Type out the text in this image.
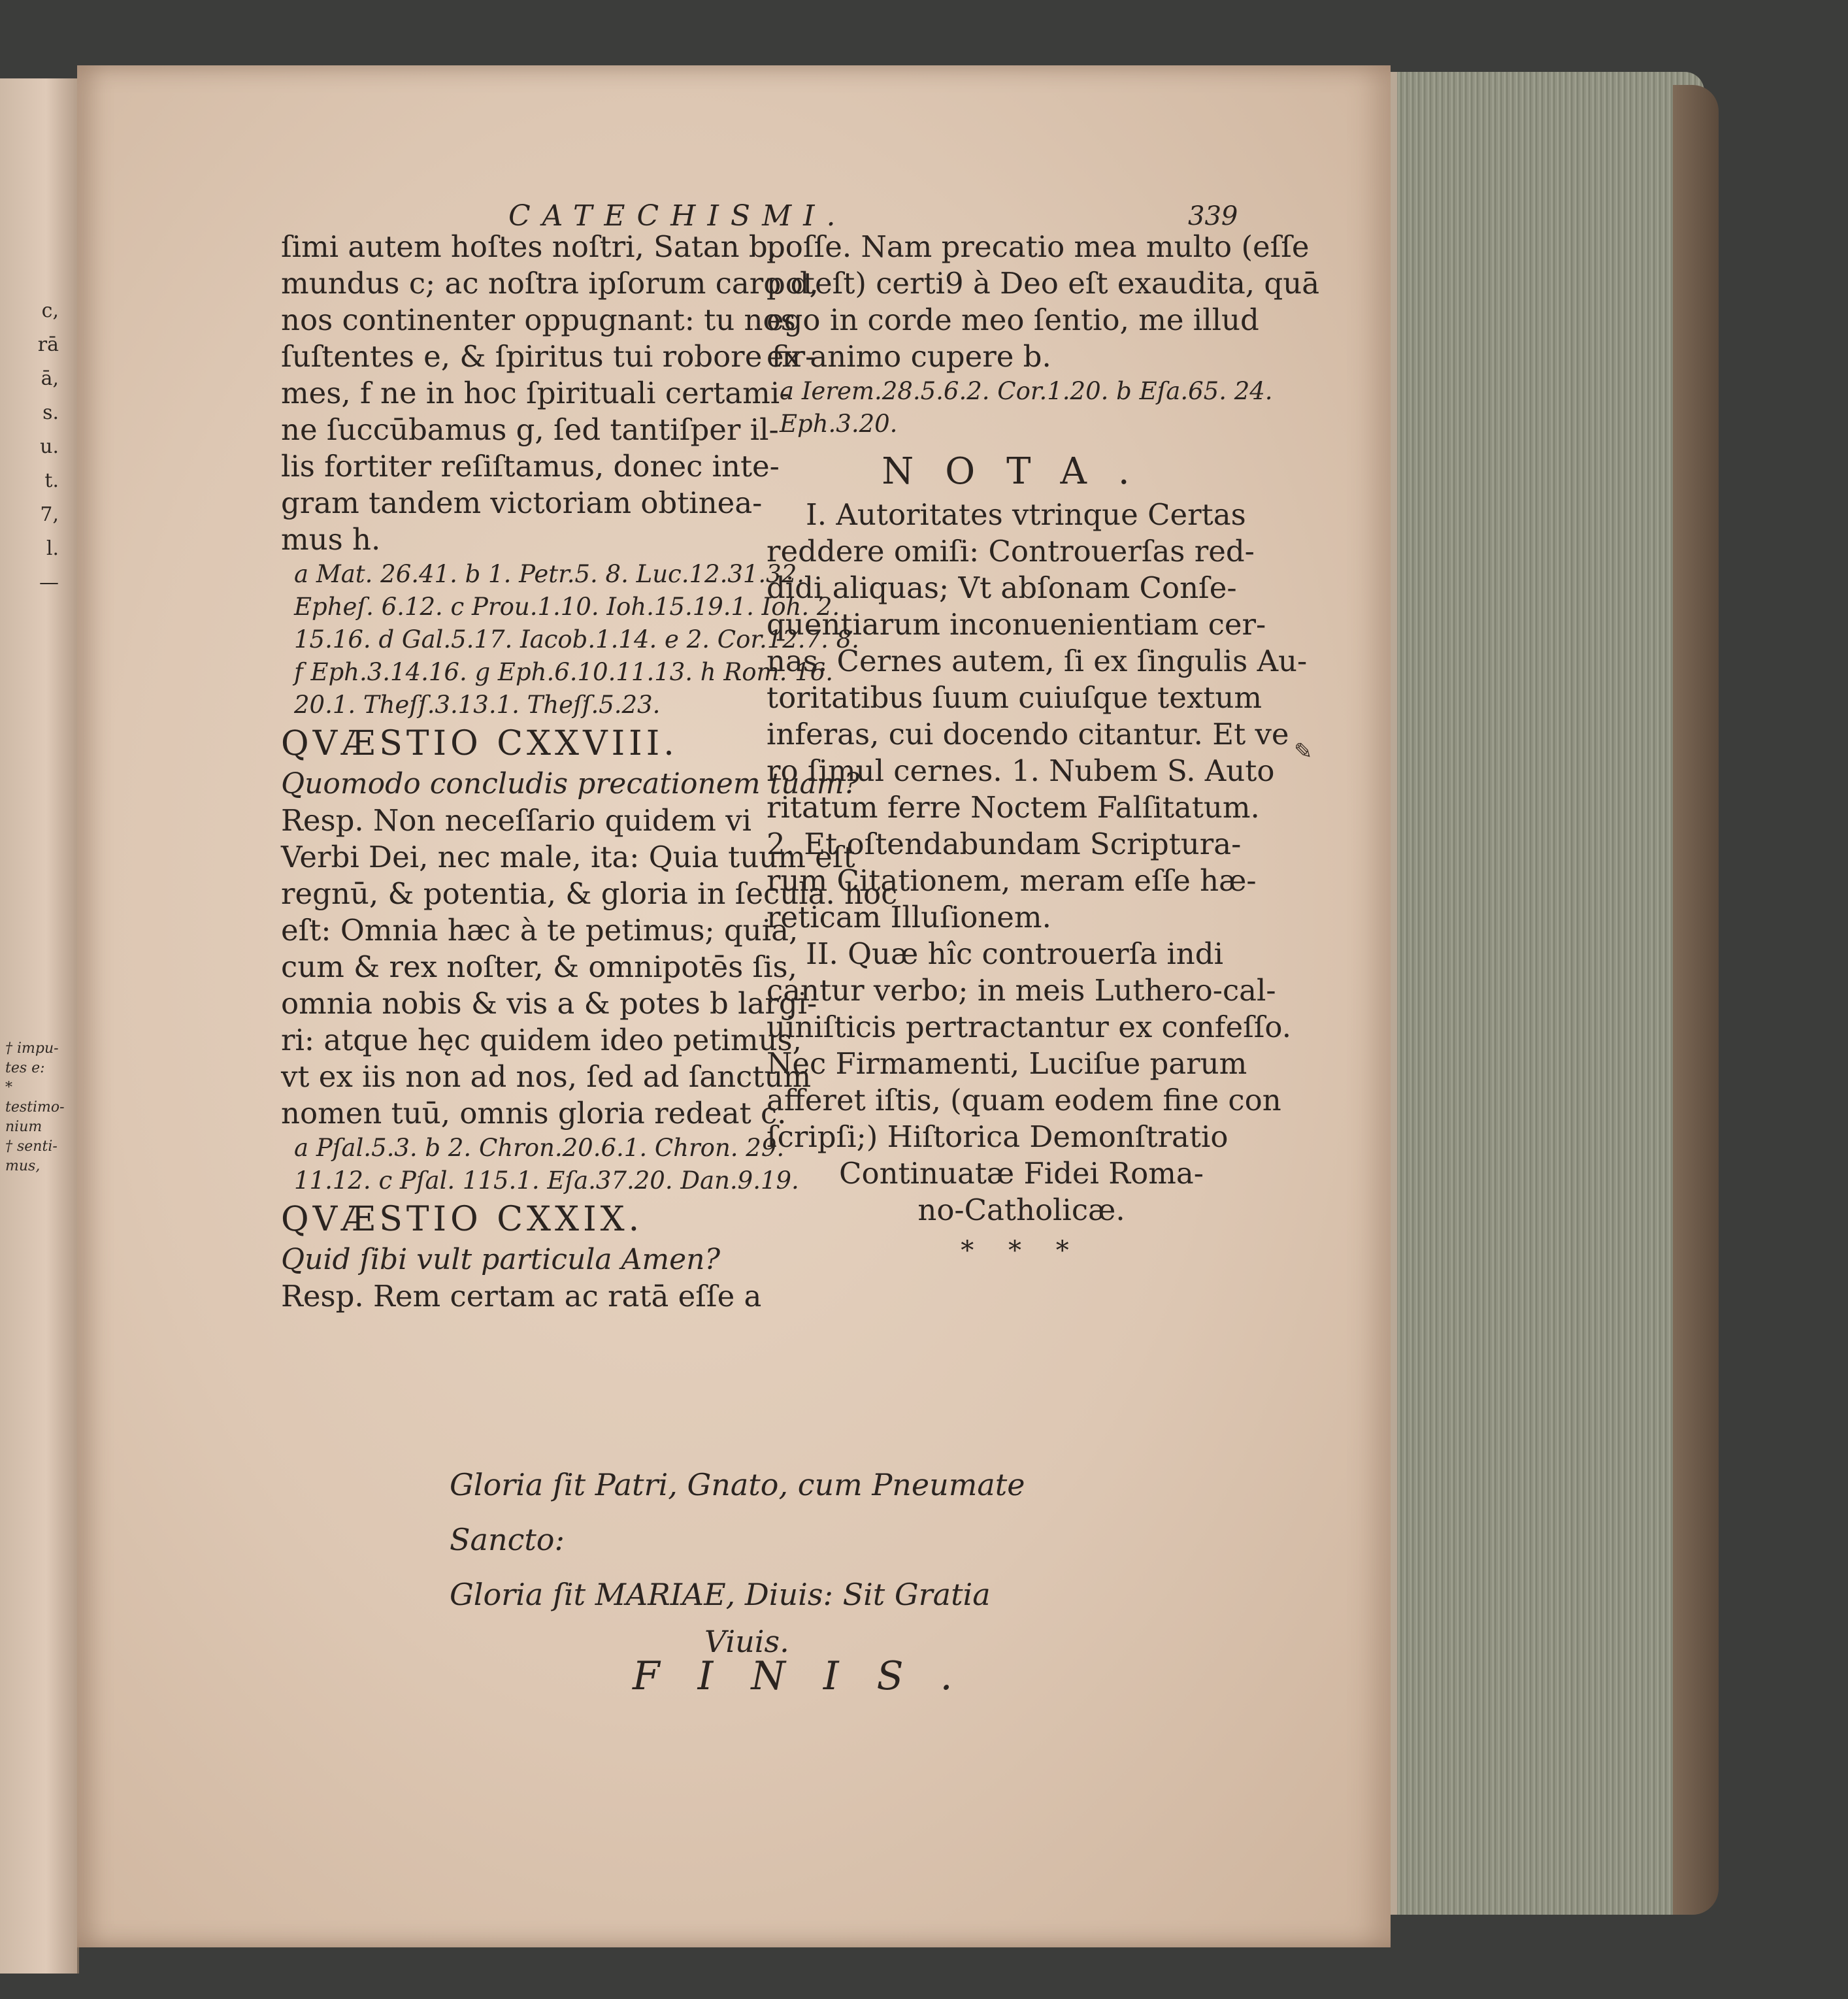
c,
rā
ā,
s.
u.
t.
7,
l.
—
† impu-
tes e:
* testimo-
nium
† senti-
mus,
CATECHISMI.	339
ſimi autem hoſtes noſtri, Satan b,
mundus c; ac noſtra ipſorum caro d,
nos continenter oppugnant: tu nos
ſuſtentes e, & ſpiritus tui robore fir-
mes, f ne in hoc ſpirituali certami-
ne ſuccūbamus g, ſed tantiſper il-
lis fortiter reſiſtamus, donec inte-
gram tandem victoriam obtinea-
mus h.
a Mat. 26.41. b 1. Petr.5. 8. Luc.12.31.32.
Epheſ. 6.12. c Prou.1.10. Ioh.15.19.1. Ioh. 2.
15.16. d Gal.5.17. Iacob.1.14. e 2. Cor.12.7. 8.
f Eph.3.14.16. g Eph.6.10.11.13. h Rom. 16.
20.1. Theſſ.3.13.1. Theſſ.5.23.
QVÆSTIO CXXVIII.
Quomodo concludis precationem tuam?
Resp. Non neceſſario quidem vi
Verbi Dei, nec male, ita: Quia tuum eſt
regnū, & potentia, & gloria in ſecula. hoc
eſt: Omnia hæc à te petimus; quia,
cum & rex noſter, & omnipotēs ſis,
omnia nobis & vis a & potes b largi-
ri: atque hęc quidem ideo petimus,
vt ex iis non ad nos, ſed ad ſanctum
nomen tuū, omnis gloria redeat c.
a Pſal.5.3. b 2. Chron.20.6.1. Chron. 29.
11.12. c Pſal. 115.1. Eſa.37.20. Dan.9.19.
QVÆSTIO CXXIX.
Quid ſibi vult particula Amen?
Resp. Rem certam ac ratā eſſe a
poſſe. Nam precatio mea multo (eſſe
poteſt) certi9 à Deo eſt exaudita, quā
ego in corde meo ſentio, me illud
ex animo cupere b.
a Ierem.28.5.6.2. Cor.1.20. b Eſa.65. 24.
Eph.3.20.
NOTA.
I. Autoritates vtrinque Certas
reddere omiſi: Controuerſas red-
didi aliquas; Vt abſonam Conſe-
quentiarum inconuenientiam cer-
nas. Cernes autem, ſi ex ſingulis Au-
toritatibus ſuum cuiuſque textum
inferas, cui docendo citantur. Et ve
ro ſimul cernes. 1. Nubem S. Auto
ritatum ferre Noctem Falſitatum.
2. Et oſtendabundam Scriptura-
rum Citationem, meram eſſe hæ-
reticam Illuſionem.
II. Quæ hîc controuerſa indi
cantur verbo; in meis Luthero-cal-
uiniſticis pertractantur ex confeſſo.
Nec Firmamenti, Luciſue parum
afferet iſtis, (quam eodem fine con
ſcripſi;) Hiſtorica Demonſtratio
Continuatæ Fidei Roma-
no-Catholicæ.
* * *
✎
Gloria ſit Patri, Gnato, cum Pneumate Sancto:
Gloria ſit MARIAE, Diuis: Sit Gratia
Viuis.
FINIS.
